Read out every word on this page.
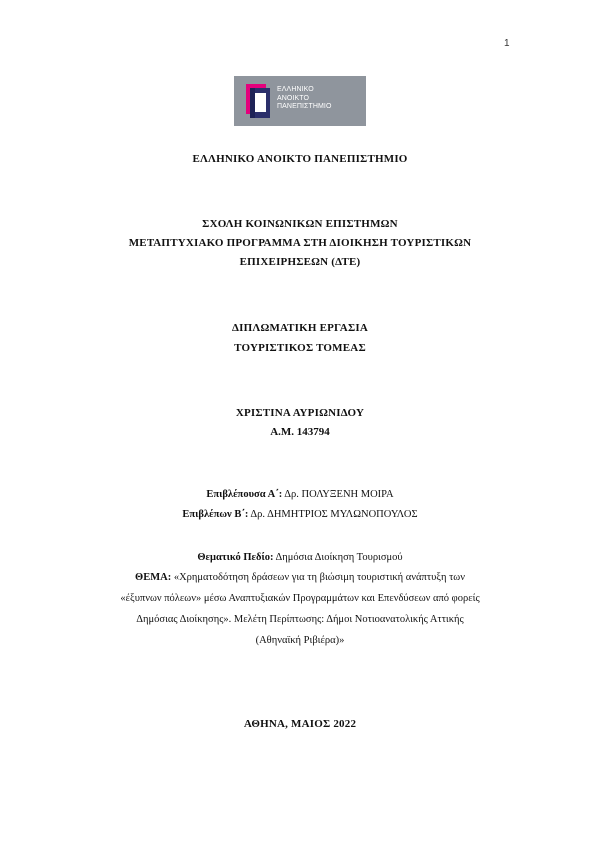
1
ΕΛΛΗΝΙΚΟ
ΑΝΟΙΚΤΟ
ΠΑΝΕΠΙΣΤΗΜΙΟ
ΕΛΛΗΝΙΚΟ ΑΝΟΙΚΤΟ ΠΑΝΕΠΙΣΤΗΜΙΟ
ΣΧΟΛΗ ΚΟΙΝΩΝΙΚΩΝ ΕΠΙΣΤΗΜΩΝ
ΜΕΤΑΠΤΥΧΙΑΚΟ ΠΡΟΓΡΑΜΜΑ ΣΤΗ ΔΙΟΙΚΗΣΗ ΤΟΥΡΙΣΤΙΚΩΝ
ΕΠΙΧΕΙΡΗΣΕΩΝ (ΔΤΕ)
ΔΙΠΛΩΜΑΤΙΚΗ ΕΡΓΑΣΙΑ
ΤΟΥΡΙΣΤΙΚΟΣ ΤΟΜΕΑΣ
ΧΡΙΣΤΙΝΑ ΑΥΡΙΩΝΙΔΟΥ
Α.Μ. 143794
Επιβλέπουσα Α΄: Δρ. ΠΟΛΥΞΕΝΗ ΜΟΙΡΑ
Επιβλέπων Β΄: Δρ. ΔΗΜΗΤΡΙΟΣ ΜΥΛΩΝΟΠΟΥΛΟΣ
Θεματικό Πεδίο: Δημόσια Διοίκηση Τουρισμού
ΘΕΜΑ: «Χρηματοδότηση δράσεων για τη βιώσιμη τουριστική ανάπτυξη των
«έξυπνων πόλεων» μέσω Αναπτυξιακών Προγραμμάτων και Επενδύσεων από φορείς
Δημόσιας Διοίκησης». Μελέτη Περίπτωσης: Δήμοι Νοτιοανατολικής Αττικής
(Αθηναϊκή Ριβιέρα)»
ΑΘΗΝΑ, ΜΑΙΟΣ 2022
